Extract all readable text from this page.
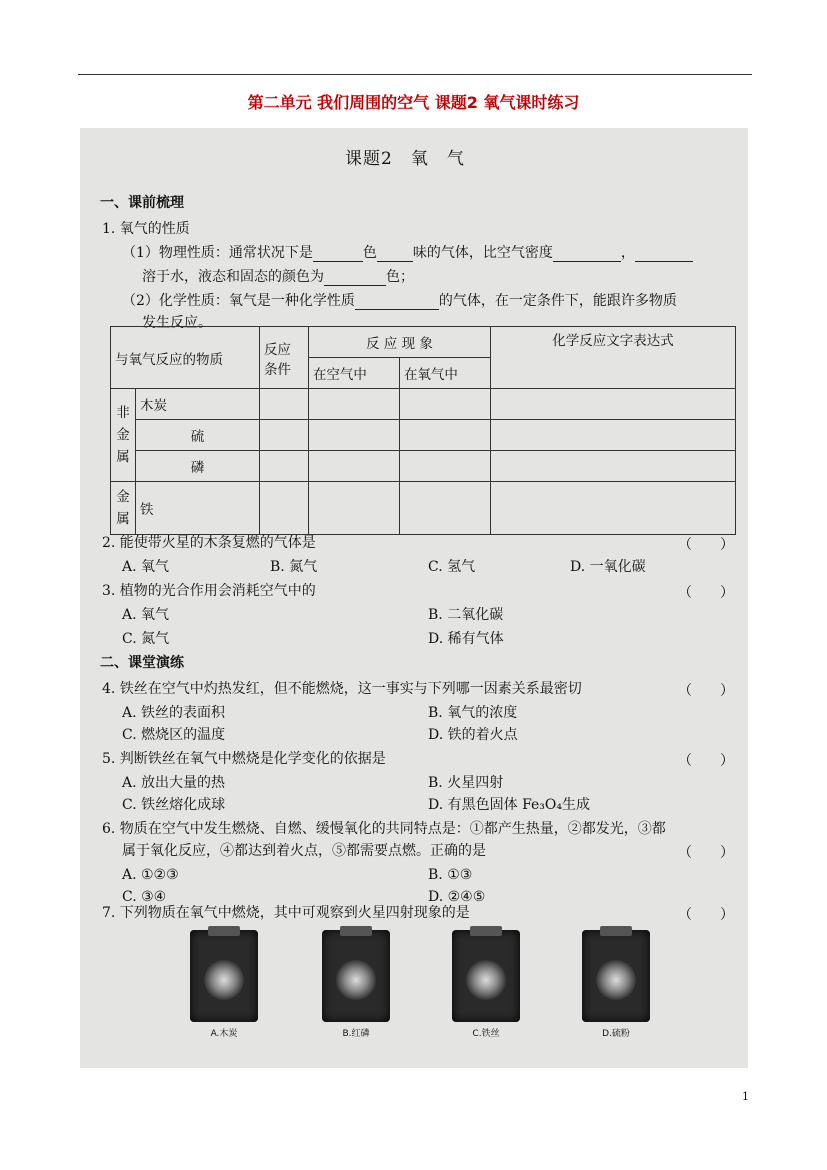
第二单元 我们周围的空气 课题2 氧气课时练习
课题2　氧　气
一、课前梳理
1. 氧气的性质
（1）物理性质：通常状况下是	色	味的气体，比空气密度	，
溶于水，液态和固态的颜色为	色；
（2）化学性质：氧气是一种化学性质	的气体，在一定条件下，能跟许多物质
发生反应。
与氧气反应的物质		反应条件	反 应 现 象		化学反应文字表达式
			在空气中	在氧气中	
非金属	木炭				
	硫				
	磷				
金属	铁				
2. 能使带火星的木条复燃的气体是	（　　）
A. 氧气	B. 氮气	C. 氢气	D. 一氧化碳
3. 植物的光合作用会消耗空气中的	（　　）
A. 氧气	B. 二氧化碳
C. 氮气	D. 稀有气体
二、课堂演练
4. 铁丝在空气中灼热发红，但不能燃烧，这一事实与下列哪一因素关系最密切	（　　）
A. 铁丝的表面积	B. 氧气的浓度
C. 燃烧区的温度	D. 铁的着火点
5. 判断铁丝在氧气中燃烧是化学变化的依据是	（　　）
A. 放出大量的热	B. 火星四射
C. 铁丝熔化成球	D. 有黑色固体 Fe₃O₄生成
6. 物质在空气中发生燃烧、自燃、缓慢氧化的共同特点是：①都产生热量，②都发光，③都
属于氧化反应，④都达到着火点，⑤都需要点燃。正确的是	（　　）
A. ①②③	B. ①③
C. ③④	D. ②④⑤
7. 下列物质在氧气中燃烧，其中可观察到火星四射现象的是	（　　）
A.木炭	B.红磷	C.铁丝	D.硫粉
1
